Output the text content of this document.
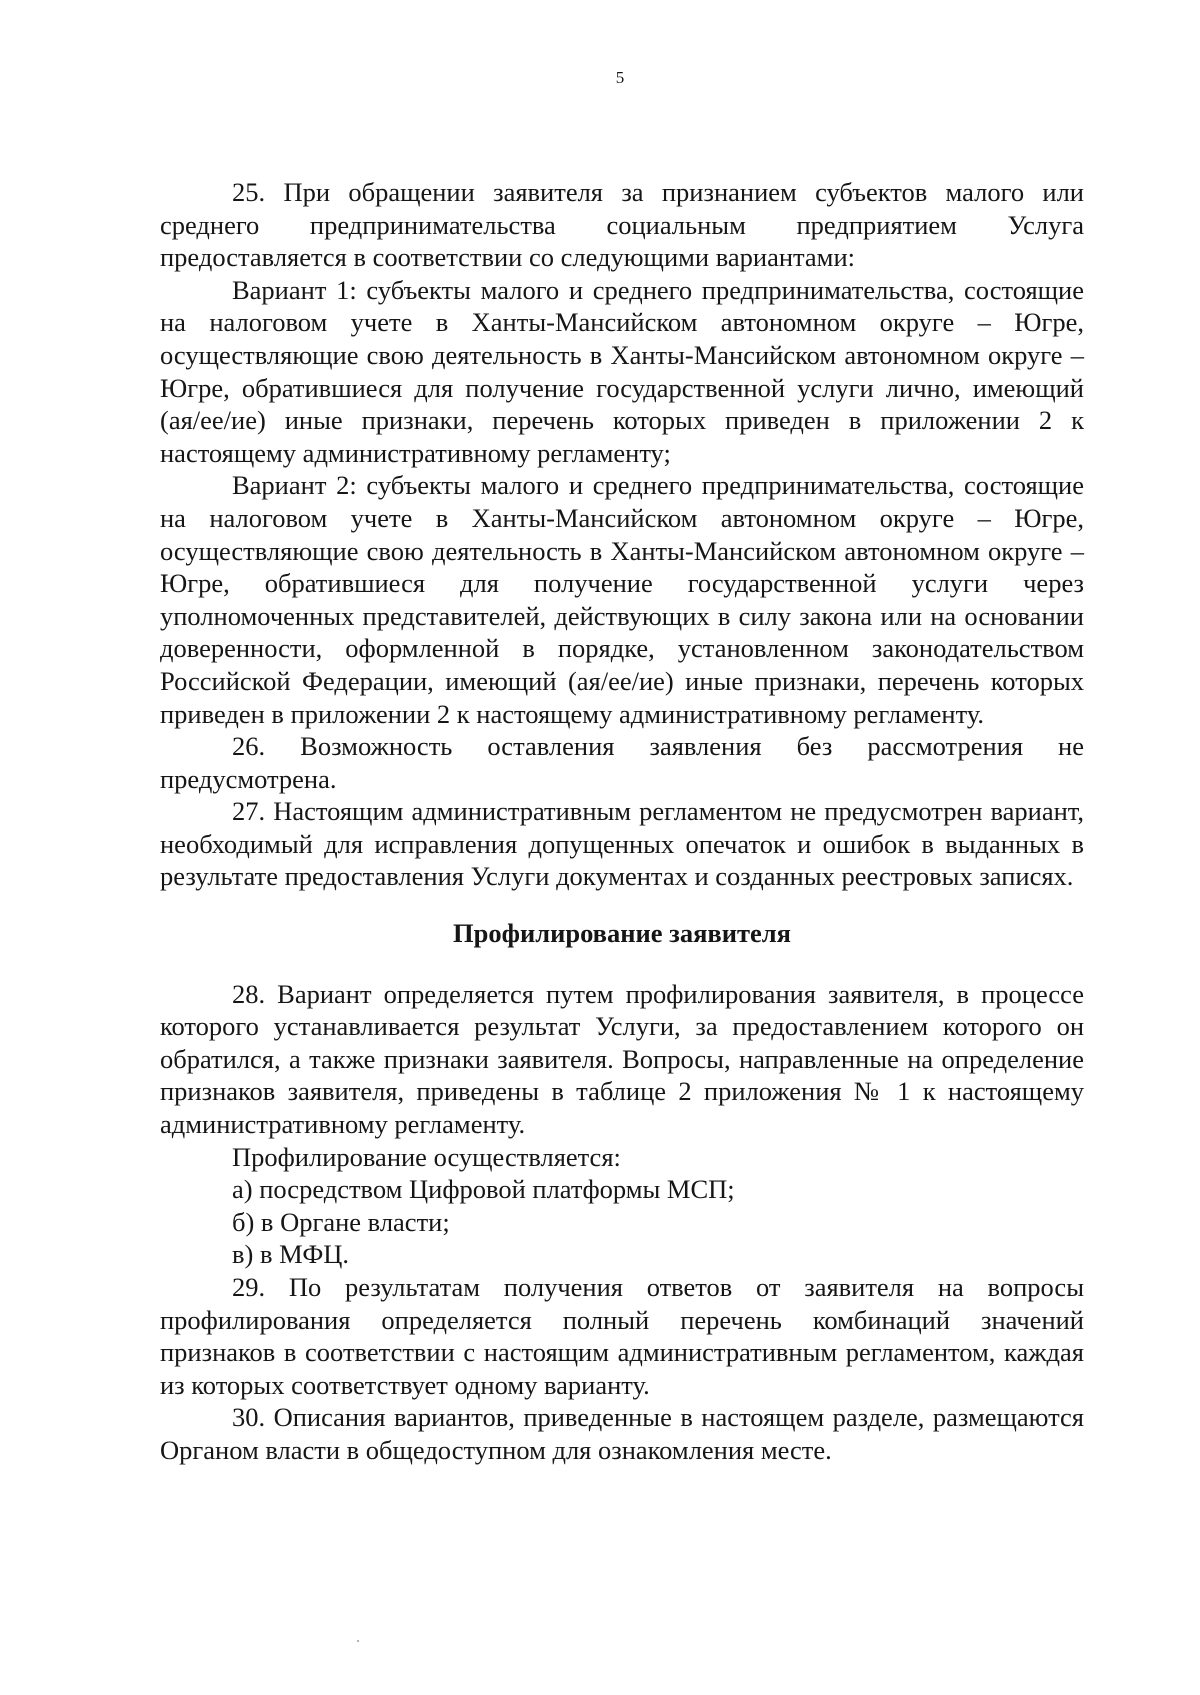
5

25. При обращении заявителя за признанием субъектов малого или среднего предпринимательства социальным предприятием Услуга предоставляется в соответствии со следующими вариантами:

Вариант 1: субъекты малого и среднего предпринимательства, состоящие на налоговом учете в Ханты-Мансийском автономном округе – Югре, осуществляющие свою деятельность в Ханты-Мансийском автономном округе – Югре, обратившиеся для получение государственной услуги лично, имеющий (ая/ее/ие) иные признаки, перечень которых приведен в приложении 2 к настоящему административному регламенту;

Вариант 2: субъекты малого и среднего предпринимательства, состоящие на налоговом учете в Ханты-Мансийском автономном округе – Югре, осуществляющие свою деятельность в Ханты-Мансийском автономном округе – Югре, обратившиеся для получение государственной услуги через уполномоченных представителей, действующих в силу закона или на основании доверенности, оформленной в порядке, установленном законодательством Российской Федерации, имеющий (ая/ее/ие) иные признаки, перечень которых приведен в приложении 2 к настоящему административному регламенту.

26. Возможность оставления заявления без рассмотрения не предусмотрена.

27. Настоящим административным регламентом не предусмотрен вариант, необходимый для исправления допущенных опечаток и ошибок в выданных в результате предоставления Услуги документах и созданных реестровых записях.

Профилирование заявителя

28. Вариант определяется путем профилирования заявителя, в процессе которого устанавливается результат Услуги, за предоставлением которого он обратился, а также признаки заявителя. Вопросы, направленные на определение признаков заявителя, приведены в таблице 2 приложения № 1 к настоящему административному регламенту.

Профилирование осуществляется:

а) посредством Цифровой платформы МСП;

б) в Органе власти;

в) в МФЦ.

29. По результатам получения ответов от заявителя на вопросы профилирования определяется полный перечень комбинаций значений признаков в соответствии с настоящим административным регламентом, каждая из которых соответствует одному варианту.

30. Описания вариантов, приведенные в настоящем разделе, размещаются Органом власти в общедоступном для ознакомления месте.
